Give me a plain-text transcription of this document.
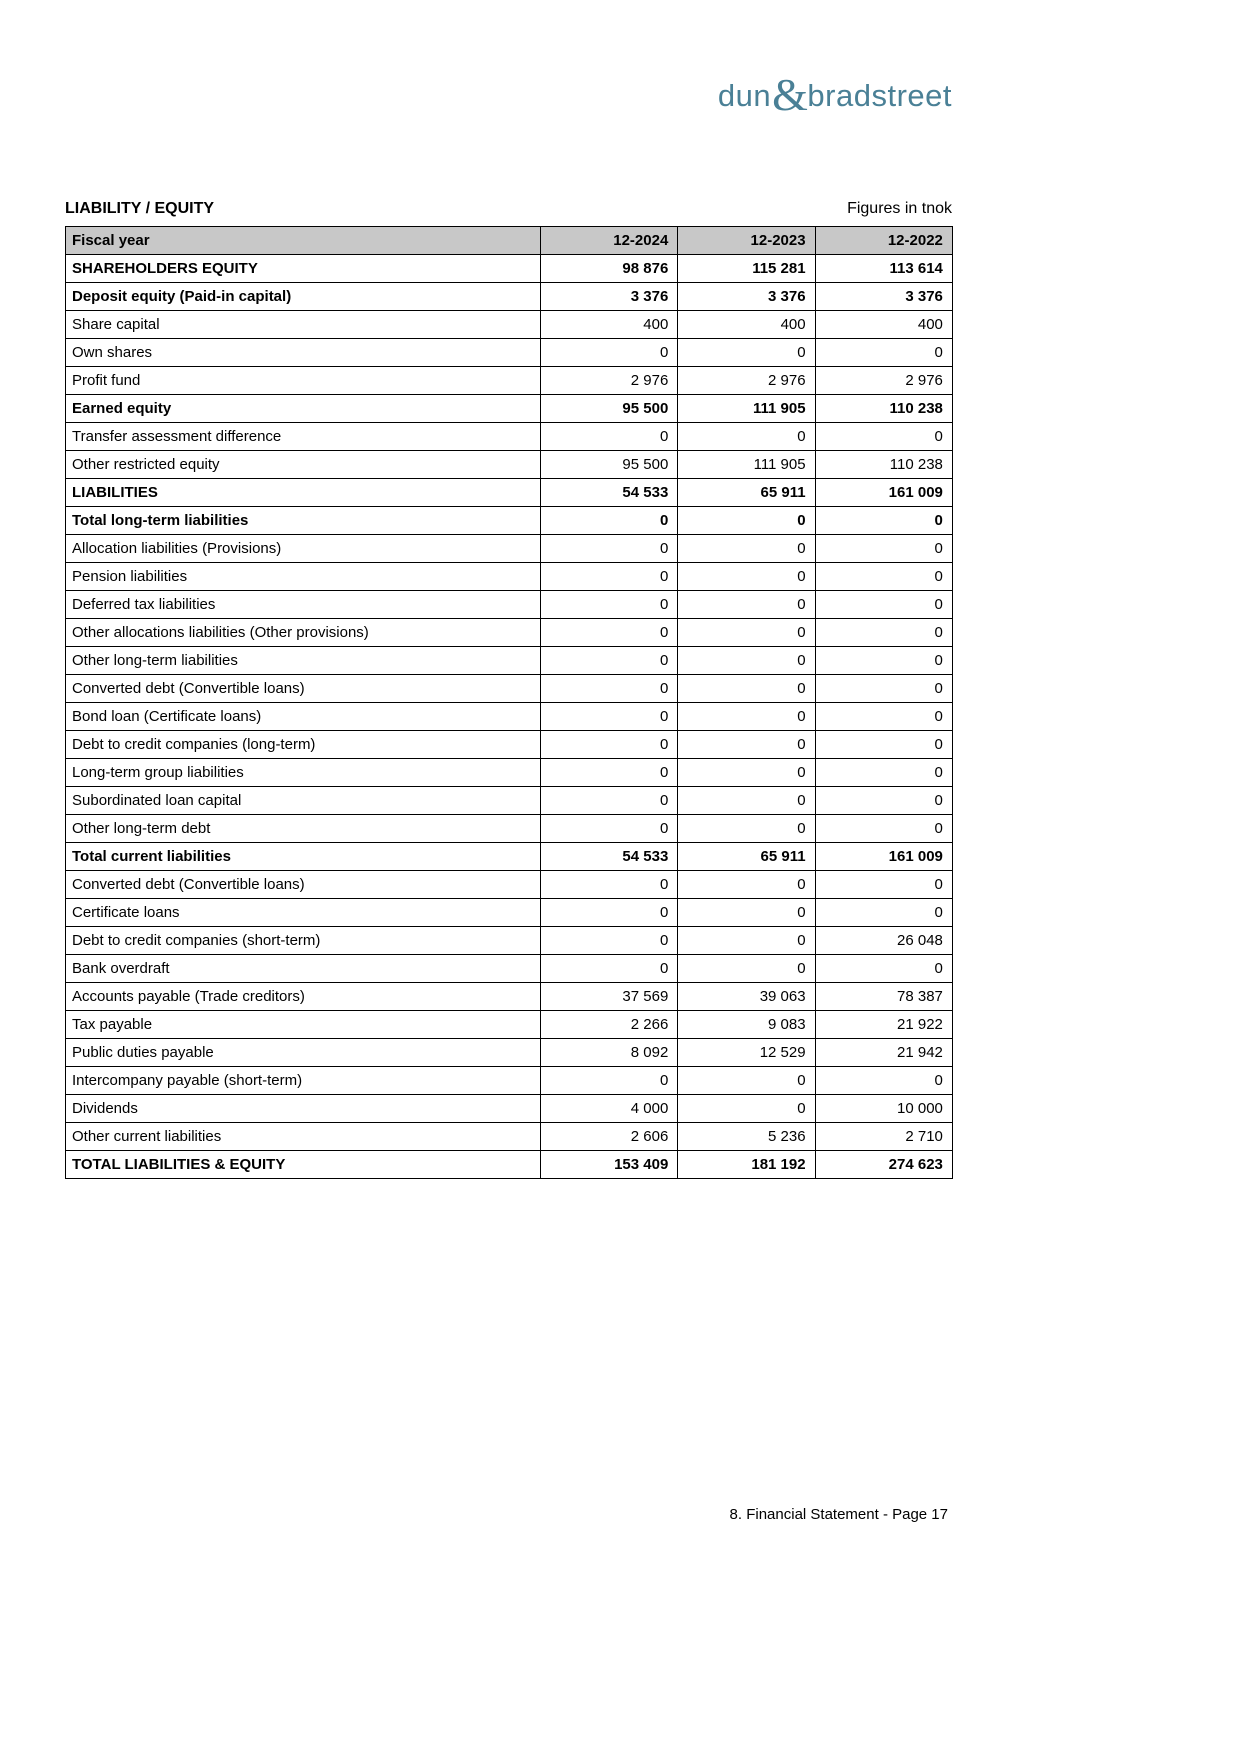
dun&bradstreet
LIABILITY / EQUITY	Figures in tnok
Fiscal year	12-2024	12-2023	12-2022
SHAREHOLDERS EQUITY	98 876	115 281	113 614
Deposit equity (Paid-in capital)	3 376	3 376	3 376
Share capital	400	400	400
Own shares	0	0	0
Profit fund	2 976	2 976	2 976
Earned equity	95 500	111 905	110 238
Transfer assessment difference	0	0	0
Other restricted equity	95 500	111 905	110 238
LIABILITIES	54 533	65 911	161 009
Total long-term liabilities	0	0	0
Allocation liabilities (Provisions)	0	0	0
Pension liabilities	0	0	0
Deferred tax liabilities	0	0	0
Other allocations liabilities (Other provisions)	0	0	0
Other long-term liabilities	0	0	0
Converted debt (Convertible loans)	0	0	0
Bond loan (Certificate loans)	0	0	0
Debt to credit companies (long-term)	0	0	0
Long-term group liabilities	0	0	0
Subordinated loan capital	0	0	0
Other long-term debt	0	0	0
Total current liabilities	54 533	65 911	161 009
Converted debt (Convertible loans)	0	0	0
Certificate loans	0	0	0
Debt to credit companies (short-term)	0	0	26 048
Bank overdraft	0	0	0
Accounts payable (Trade creditors)	37 569	39 063	78 387
Tax payable	2 266	9 083	21 922
Public duties payable	8 092	12 529	21 942
Intercompany payable (short-term)	0	0	0
Dividends	4 000	0	10 000
Other current liabilities	2 606	5 236	2 710
TOTAL LIABILITIES & EQUITY	153 409	181 192	274 623
8. Financial Statement - Page 17
